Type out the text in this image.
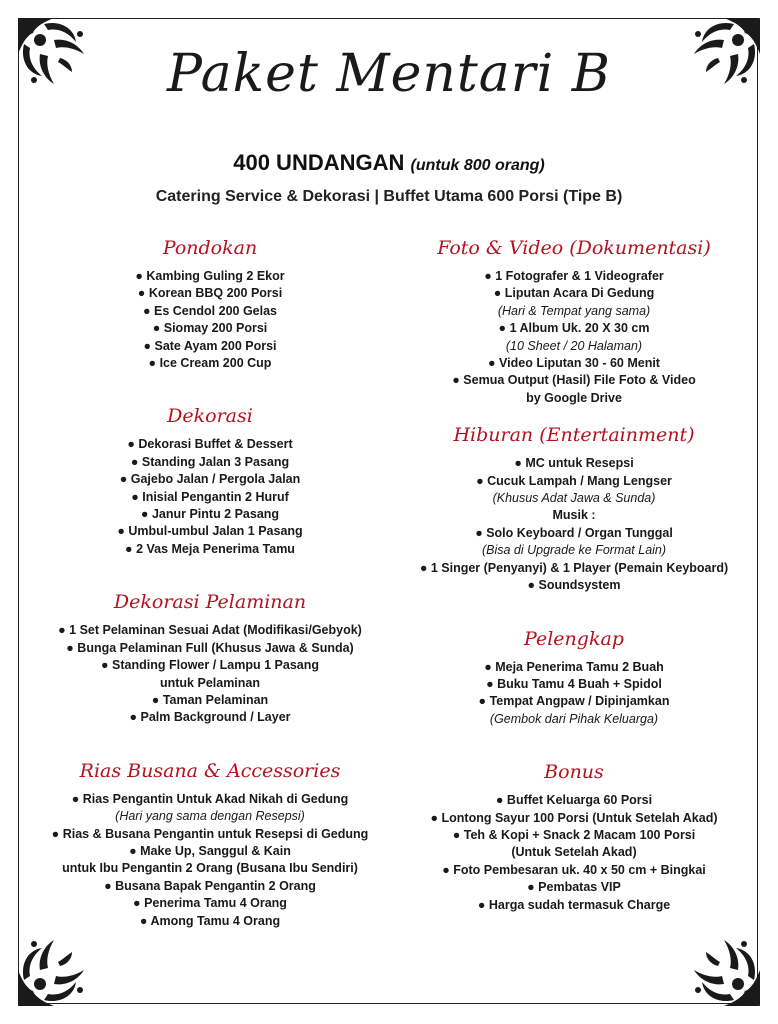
Paket Mentari B
400 UNDANGAN (untuk 800 orang)
Catering Service & Dekorasi | Buffet Utama 600 Porsi (Tipe B)
Pondokan
● Kambing Guling 2 Ekor
● Korean BBQ 200 Porsi
● Es Cendol 200 Gelas
● Siomay 200 Porsi
● Sate Ayam 200 Porsi
● Ice Cream 200 Cup
Dekorasi
● Dekorasi Buffet & Dessert
● Standing Jalan 3 Pasang
● Gajebo Jalan / Pergola Jalan
● Inisial Pengantin 2 Huruf
● Janur Pintu 2 Pasang
● Umbul-umbul Jalan 1 Pasang
● 2 Vas Meja Penerima Tamu
Dekorasi Pelaminan
● 1 Set Pelaminan Sesuai Adat (Modifikasi/Gebyok)
● Bunga Pelaminan Full (Khusus Jawa & Sunda)
● Standing Flower / Lampu 1 Pasang
untuk Pelaminan
● Taman Pelaminan
● Palm Background / Layer
Rias Busana & Accessories
● Rias Pengantin Untuk Akad Nikah di Gedung
(Hari yang sama dengan Resepsi)
● Rias & Busana Pengantin untuk Resepsi di Gedung
● Make Up, Sanggul & Kain
untuk Ibu Pengantin 2 Orang (Busana Ibu Sendiri)
● Busana Bapak Pengantin 2 Orang
● Penerima Tamu 4 Orang
● Among Tamu 4 Orang
Foto & Video (Dokumentasi)
● 1 Fotografer & 1 Videografer
● Liputan Acara Di Gedung
(Hari & Tempat yang sama)
● 1 Album Uk. 20 X 30 cm
(10 Sheet / 20 Halaman)
● Video Liputan 30 - 60 Menit
● Semua Output (Hasil) File Foto & Video
by Google Drive
Hiburan (Entertainment)
● MC untuk Resepsi
● Cucuk Lampah / Mang Lengser
(Khusus Adat Jawa & Sunda)
Musik :
● Solo Keyboard / Organ Tunggal
(Bisa di Upgrade ke Format Lain)
● 1 Singer (Penyanyi) & 1 Player (Pemain Keyboard)
● Soundsystem
Pelengkap
● Meja Penerima Tamu 2 Buah
● Buku Tamu 4 Buah + Spidol
● Tempat Angpaw / Dipinjamkan
(Gembok dari Pihak Keluarga)
Bonus
● Buffet Keluarga 60 Porsi
● Lontong Sayur 100 Porsi (Untuk Setelah Akad)
● Teh & Kopi + Snack 2 Macam 100 Porsi
(Untuk Setelah Akad)
● Foto Pembesaran uk. 40 x 50 cm + Bingkai
● Pembatas VIP
● Harga sudah termasuk Charge
